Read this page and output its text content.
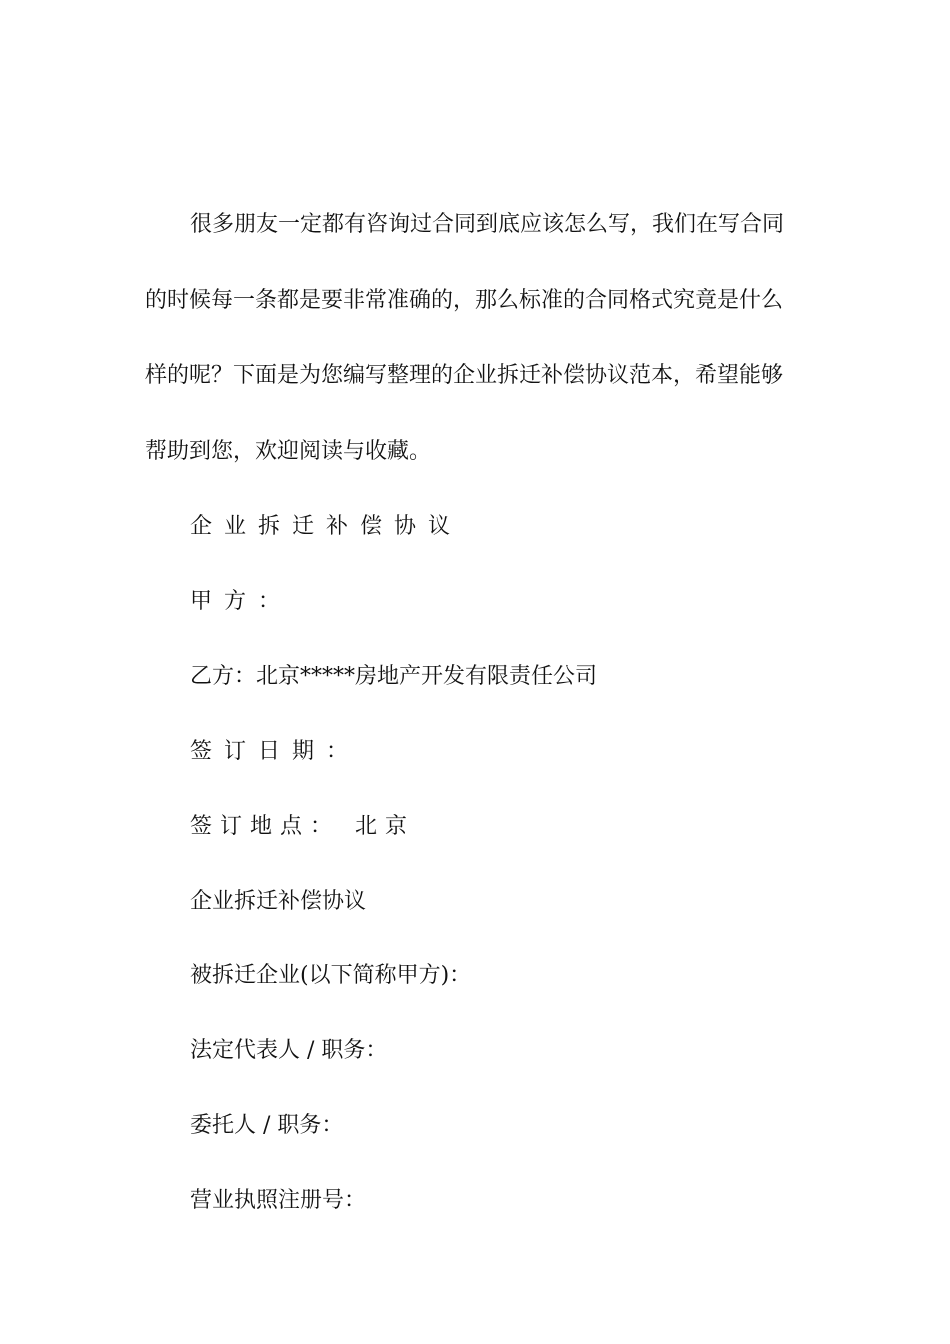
很多朋友一定都有咨询过合同到底应该怎么写，我们在写合同
的时候每一条都是要非常准确的，那么标准的合同格式究竟是什么
样的呢？下面是为您编写整理的企业拆迁补偿协议范本，希望能够
帮助到您，欢迎阅读与收藏。
企业拆迁补偿协议
甲方：
乙方：北京*****房地产开发有限责任公司
签订日期：
签订地点： 北京
企业拆迁补偿协议
被拆迁企业(以下简称甲方)：
法定代表人 / 职务：
委托人 / 职务：
营业执照注册号：
